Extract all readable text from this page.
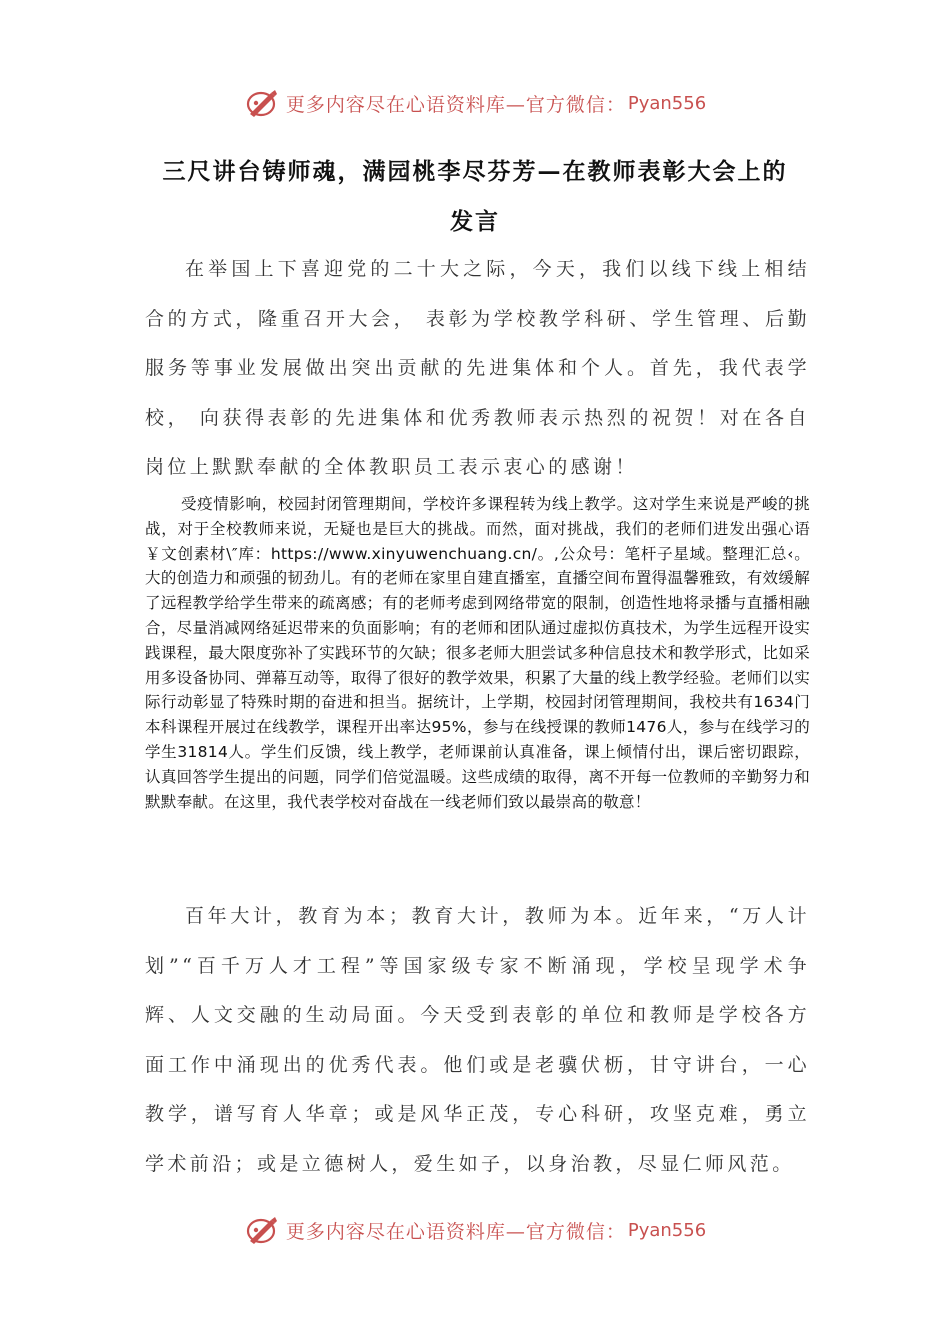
更多内容尽在心语资料库—官方微信： Pyan556
三尺讲台铸师魂，满园桃李尽芬芳—在教师表彰大会上的
发言

在举国上下喜迎党的二十大之际，今天，我们以线下线上相结合的方式，隆重召开大会， 表彰为学校教学科研、学生管理、后勤服务等事业发展做出突出贡献的先进集体和个人。首先，我代表学校， 向获得表彰的先进集体和优秀教师表示热烈的祝贺！对在各自岗位上默默奉献的全体教职员工表示衷心的感谢！

受疫情影响，校园封闭管理期间，学校许多课程转为线上教学。这对学生来说是严峻的挑战，对于全校教师来说，无疑也是巨大的挑战。而然，面对挑战，我们的老师们进发出强心语￥文创素材\″库：https://www.xinyuwenchuang.cn/。,公众号：笔杆子星域。整理汇总‹。大的创造力和顽强的韧劲儿。有的老师在家里自建直播室，直播空间布置得温馨雅致，有效缓解了远程教学给学生带来的疏离感；有的老师考虑到网络带宽的限制，创造性地将录播与直播相融合，尽量消减网络延迟带来的负面影响；有的老师和团队通过虚拟仿真技术，为学生远程开设实践课程，最大限度弥补了实践环节的欠缺；很多老师大胆尝试多种信息技术和教学形式，比如采用多设备协同、弹幕互动等，取得了很好的教学效果，积累了大量的线上教学经验。老师们以实际行动彰显了特殊时期的奋进和担当。据统计，上学期，校园封闭管理期间，我校共有1634门本科课程开展过在线教学，课程开出率达95%，参与在线授课的教师1476人，参与在线学习的学生31814人。学生们反馈，线上教学，老师课前认真准备，课上倾情付出，课后密切跟踪，认真回答学生提出的问题，同学们倍觉温暖。这些成绩的取得，离不开每一位教师的辛勤努力和默默奉献。在这里，我代表学校对奋战在一线老师们致以最崇高的敬意！

百年大计，教育为本；教育大计，教师为本。近年来，“万人计划”“百千万人才工程”等国家级专家不断涌现，学校呈现学术争辉、人文交融的生动局面。今天受到表彰的单位和教师是学校各方面工作中涌现出的优秀代表。他们或是老骥伏枥，甘守讲台，一心教学，谱写育人华章；或是风华正茂，专心科研，攻坚克难，勇立学术前沿；或是立德树人，爱生如子，以身治教，尽显仁师风范。

更多内容尽在心语资料库—官方微信： Pyan556
